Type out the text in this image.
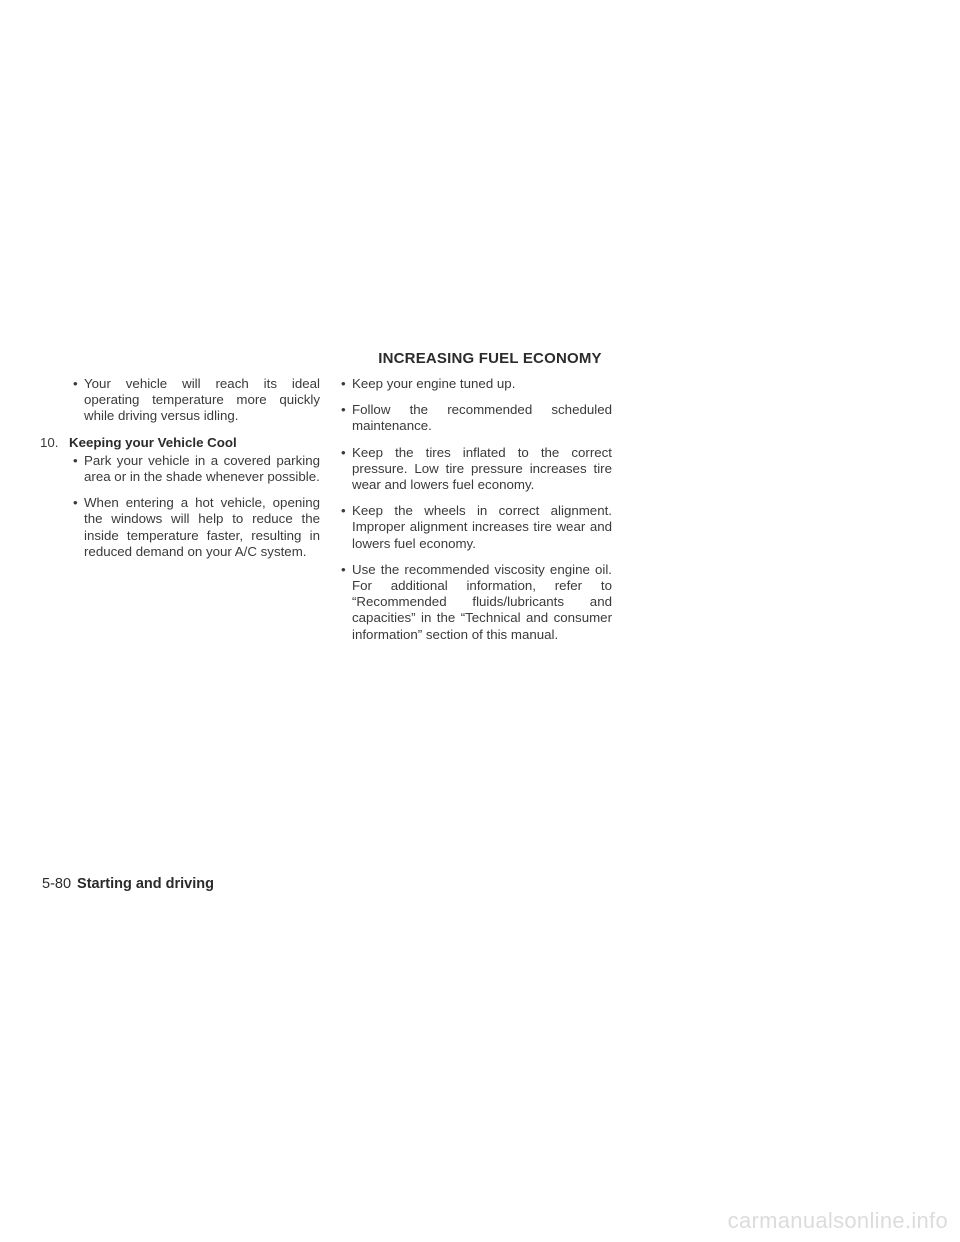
INCREASING FUEL ECONOMY
• Your vehicle will reach its ideal operating temperature more quickly while driving versus idling.
10. Keeping your Vehicle Cool
• Park your vehicle in a covered parking area or in the shade whenever possible.
• When entering a hot vehicle, opening the windows will help to reduce the inside temperature faster, resulting in reduced demand on your A/C system.
• Keep your engine tuned up.
• Follow the recommended scheduled maintenance.
• Keep the tires inflated to the correct pressure. Low tire pressure increases tire wear and lowers fuel economy.
• Keep the wheels in correct alignment. Improper alignment increases tire wear and lowers fuel economy.
• Use the recommended viscosity engine oil. For additional information, refer to “Recommended fluids/lubricants and capacities” in the “Technical and consumer information” section of this manual.
5-80 Starting and driving
carmanualsonline.info
